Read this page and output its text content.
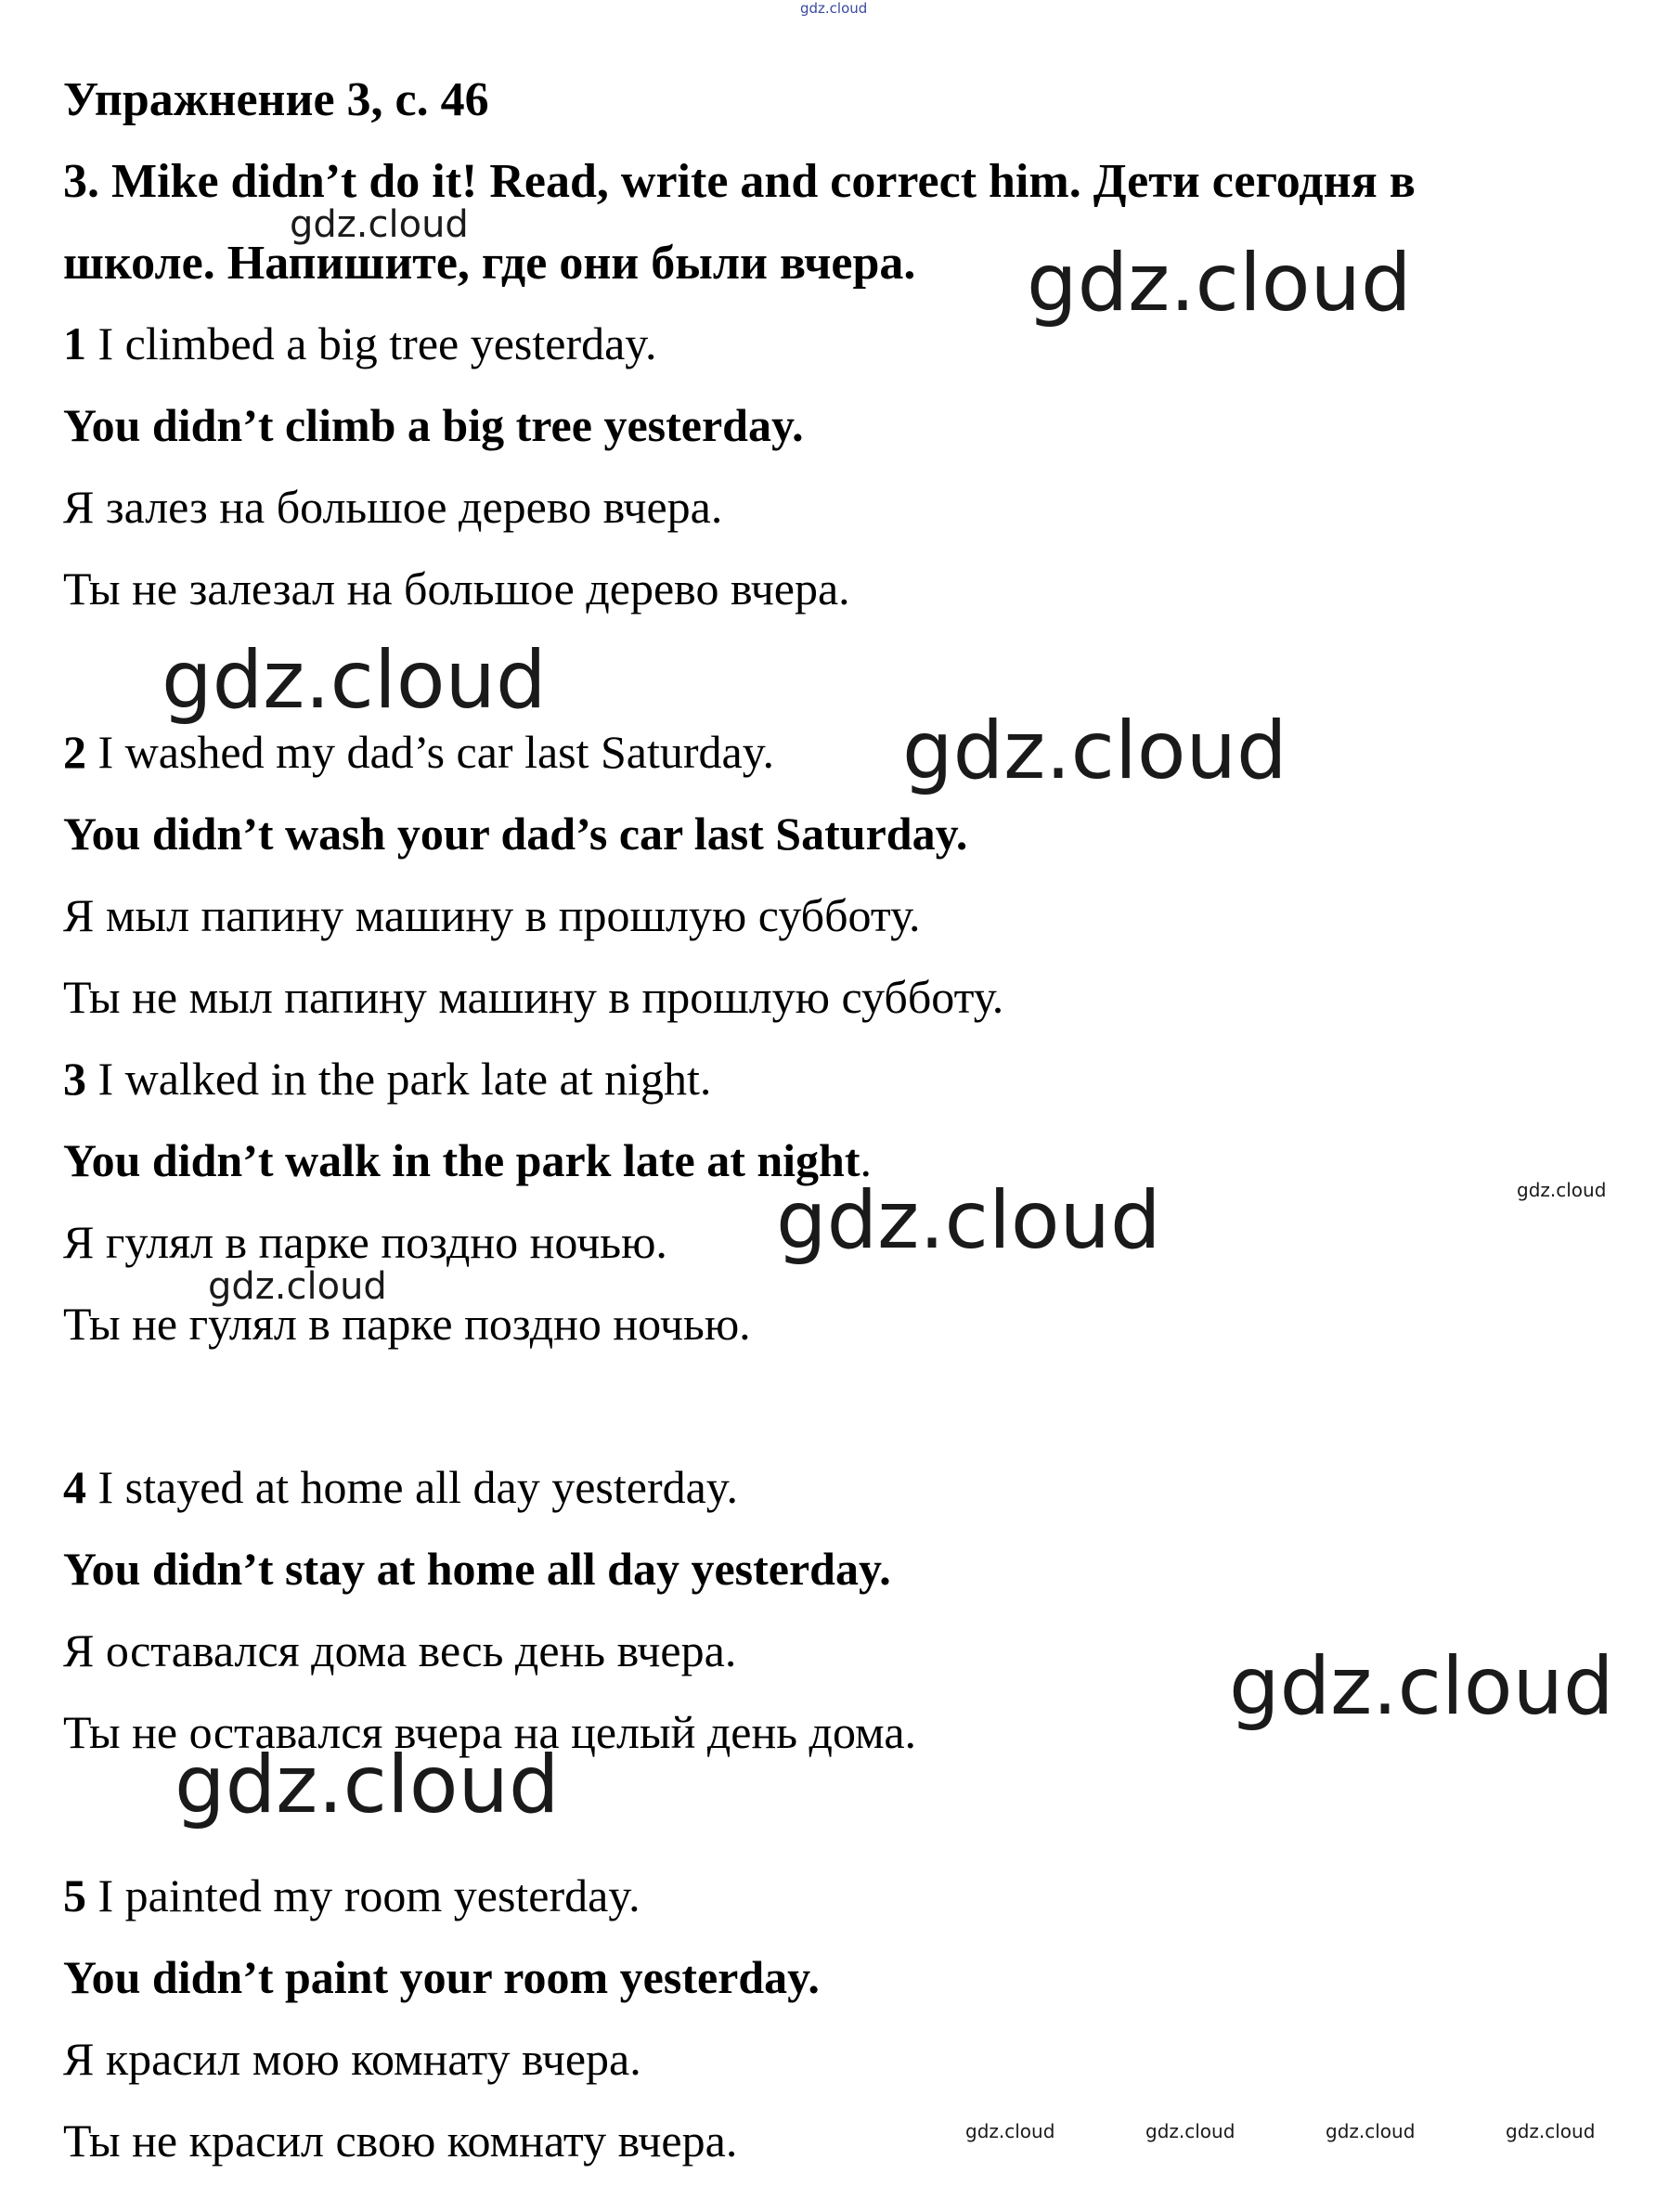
Упражнение 3, с. 46
3. Mike didn’t do it! Read, write and correct him. Дети сегодня в
школе. Напишите, где они были вчера.
1 I climbed a big tree yesterday.
You didn’t climb a big tree yesterday.
Я залез на большое дерево вчера.
Ты не залезал на большое дерево вчера.
2 I washed my dad’s car last Saturday.
You didn’t wash your dad’s car last Saturday.
Я мыл папину машину в прошлую субботу.
Ты не мыл папину машину в прошлую субботу.
3 I walked in the park late at night.
You didn’t walk in the park late at night.
Я гулял в парке поздно ночью.
Ты не гулял в парке поздно ночью.
4 I stayed at home all day yesterday.
You didn’t stay at home all day yesterday.
Я оставался дома весь день вчера.
Ты не оставался вчера на целый день дома.
5 I painted my room yesterday.
You didn’t paint your room yesterday.
Я красил мою комнату вчера.
Ты не красил свою комнату вчера.
gdz.cloud
gdz.cloud
gdz.cloud
gdz.cloud
gdz.cloud
gdz.cloud
gdz.cloud
gdz.cloud
gdz.cloud
gdz.cloud
gdz.cloud	gdz.cloud	gdz.cloud	gdz.cloud
